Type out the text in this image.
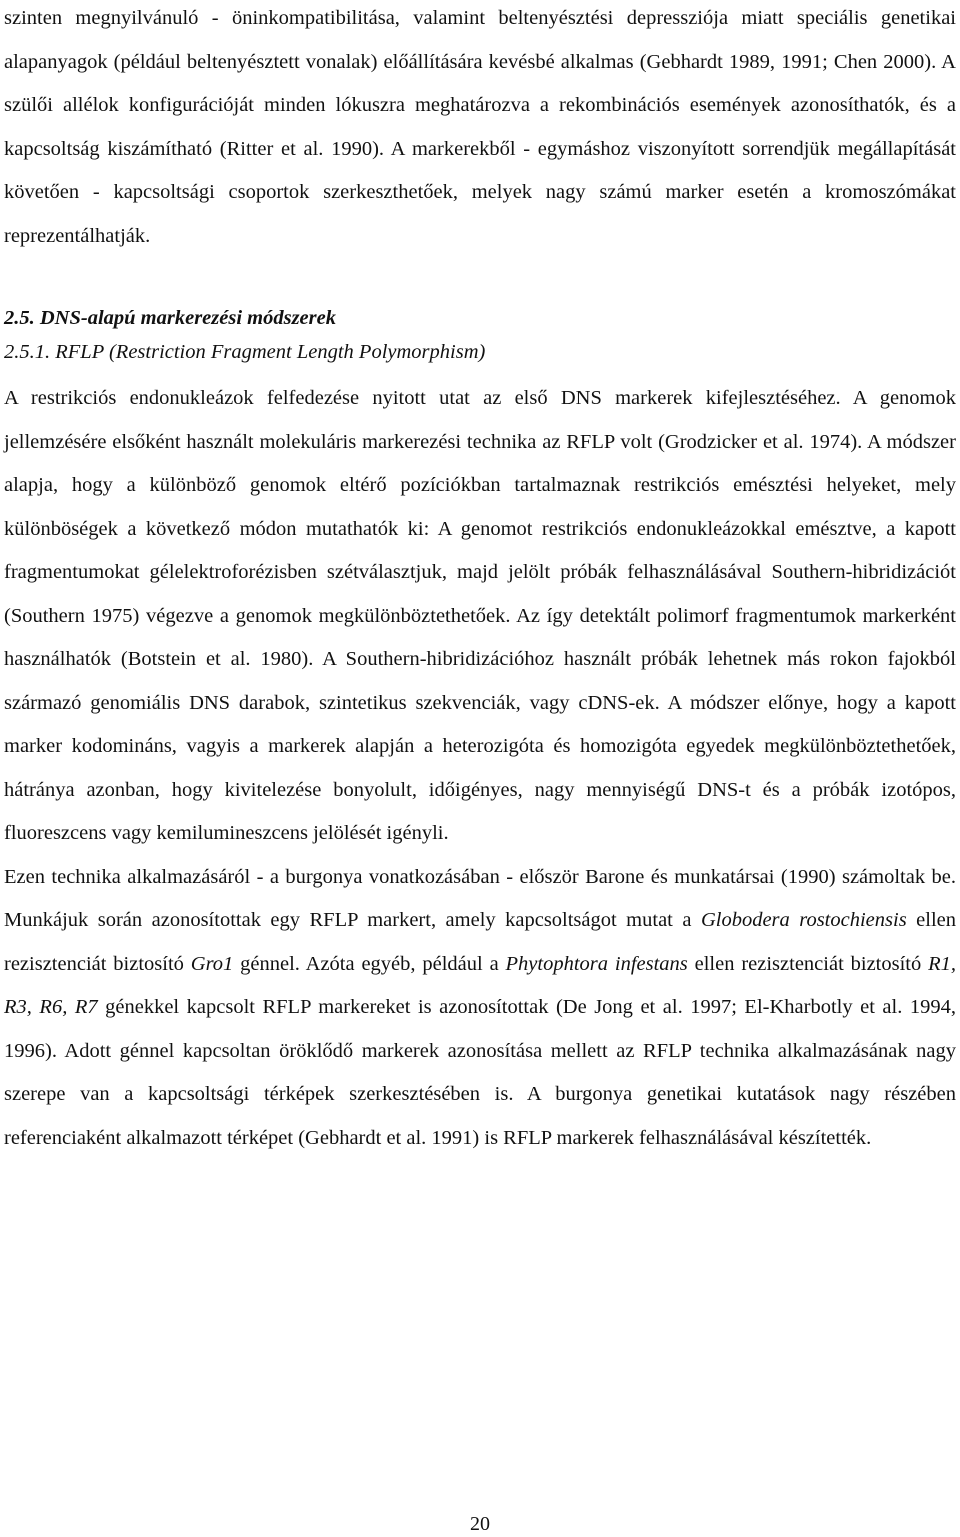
szinten megnyilvánuló - öninkompatibilitása, valamint beltenyésztési depressziója miatt speciális genetikai alapanyagok (például beltenyésztett vonalak) előállítására kevésbé alkalmas (Gebhardt 1989, 1991; Chen 2000). A szülői allélok konfigurációját minden lókuszra meghatározva a rekombinációs események azonosíthatók, és a kapcsoltság kiszámítható (Ritter et al. 1990). A markerekből - egymáshoz viszonyított sorrendjük megállapítását követően - kapcsoltsági csoportok szerkeszthetőek, melyek nagy számú marker esetén a kromoszómákat reprezentálhatják.

2.5. DNS-alapú markerezési módszerek
2.5.1. RFLP (Restriction Fragment Length Polymorphism)

A restrikciós endonukleázok felfedezése nyitott utat az első DNS markerek kifejlesztéséhez. A genomok jellemzésére elsőként használt molekuláris markerezési technika az RFLP volt (Grodzicker et al. 1974). A módszer alapja, hogy a különböző genomok eltérő pozíciókban tartalmaznak restrikciós emésztési helyeket, mely különböségek a következő módon mutathatók ki: A genomot restrikciós endonukleázokkal emésztve, a kapott fragmentumokat gélelektroforézisben szétválasztjuk, majd jelölt próbák felhasználásával Southern-hibridizációt (Southern 1975) végezve a genomok megkülönböztethetőek. Az így detektált polimorf fragmentumok markerként használhatók (Botstein et al. 1980). A Southern-hibridizációhoz használt próbák lehetnek más rokon fajokból származó genomiális DNS darabok, szintetikus szekvenciák, vagy cDNS-ek. A módszer előnye, hogy a kapott marker kodomináns, vagyis a markerek alapján a heterozigóta és homozigóta egyedek megkülönböztethetőek, hátránya azonban, hogy kivitelezése bonyolult, időigényes, nagy mennyiségű DNS-t és a próbák izotópos, fluoreszcens vagy kemilumineszcens jelölését igényli.

Ezen technika alkalmazásáról - a burgonya vonatkozásában - először Barone és munkatársai (1990) számoltak be. Munkájuk során azonosítottak egy RFLP markert, amely kapcsoltságot mutat a Globodera rostochiensis ellen rezisztenciát biztosító Gro1 génnel. Azóta egyéb, például a Phytophtora infestans ellen rezisztenciát biztosító R1, R3, R6, R7 génekkel kapcsolt RFLP markereket is azonosítottak (De Jong et al. 1997; El-Kharbotly et al. 1994, 1996). Adott génnel kapcsoltan öröklődő markerek azonosítása mellett az RFLP technika alkalmazásának nagy szerepe van a kapcsoltsági térképek szerkesztésében is. A burgonya genetikai kutatások nagy részében referenciaként alkalmazott térképet (Gebhardt et al. 1991) is RFLP markerek felhasználásával készítették.

20
